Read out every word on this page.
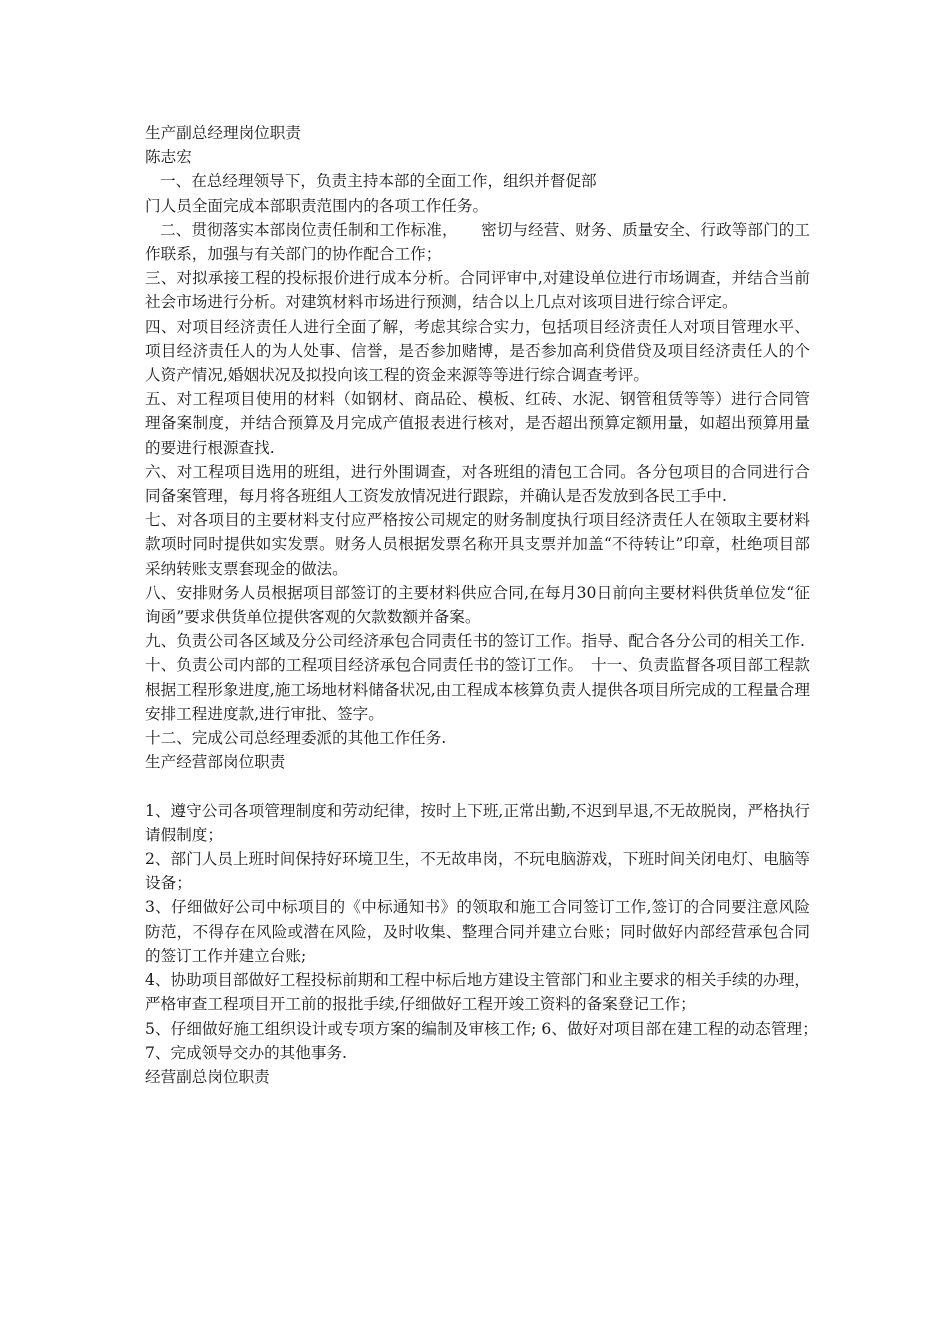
生产副总经理岗位职责
陈志宏
一、在总经理领导下，负责主持本部的全面工作，组织并督促部
门人员全面完成本部职责范围内的各项工作任务。
二、贯彻落实本部岗位责任制和工作标准，　　密切与经营、财务、质量安全、行政等部门的工作联系，加强与有关部门的协作配合工作；
三、对拟承接工程的投标报价进行成本分析。合同评审中,对建设单位进行市场调查，并结合当前社会市场进行分析。对建筑材料市场进行预测，结合以上几点对该项目进行综合评定。
四、对项目经济责任人进行全面了解，考虑其综合实力，包括项目经济责任人对项目管理水平、项目经济责任人的为人处事、信誉，是否参加赌博，是否参加高利贷借贷及项目经济责任人的个人资产情况,婚姻状况及拟投向该工程的资金来源等等进行综合调查考评。
五、对工程项目使用的材料（如钢材、商品砼、模板、红砖、水泥、钢管租赁等等）进行合同管理备案制度，并结合预算及月完成产值报表进行核对，是否超出预算定额用量，如超出预算用量的要进行根源查找.
六、对工程项目选用的班组，进行外围调查，对各班组的清包工合同。各分包项目的合同进行合同备案管理，每月将各班组人工资发放情况进行跟踪，并确认是否发放到各民工手中.
七、对各项目的主要材料支付应严格按公司规定的财务制度执行项目经济责任人在领取主要材料款项时同时提供如实发票。财务人员根据发票名称开具支票并加盖“不待转让”印章，杜绝项目部采纳转账支票套现金的做法。
八、安排财务人员根据项目部签订的主要材料供应合同,在每月30日前向主要材料供货单位发“征询函”要求供货单位提供客观的欠款数额并备案。
九、负责公司各区域及分公司经济承包合同责任书的签订工作。指导、配合各分公司的相关工作.
十、负责公司内部的工程项目经济承包合同责任书的签订工作。　十一、负责监督各项目部工程款根据工程形象进度,施工场地材料储备状况,由工程成本核算负责人提供各项目所完成的工程量合理安排工程进度款,进行审批、签字。
十二、完成公司总经理委派的其他工作任务.
生产经营部岗位职责
1、遵守公司各项管理制度和劳动纪律，按时上下班,正常出勤,不迟到早退,不无故脱岗，严格执行请假制度；
2、部门人员上班时间保持好环境卫生，不无故串岗，不玩电脑游戏，下班时间关闭电灯、电脑等设备；
3、仔细做好公司中标项目的《中标通知书》的领取和施工合同签订工作,签订的合同要注意风险防范，不得存在风险或潜在风险，及时收集、整理合同并建立台账；同时做好内部经营承包合同的签订工作并建立台账;
4、协助项目部做好工程投标前期和工程中标后地方建设主管部门和业主要求的相关手续的办理，严格审查工程项目开工前的报批手续,仔细做好工程开竣工资料的备案登记工作；
5、仔细做好施工组织设计或专项方案的编制及审核工作; 6、做好对项目部在建工程的动态管理；　7、完成领导交办的其他事务.
经营副总岗位职责
